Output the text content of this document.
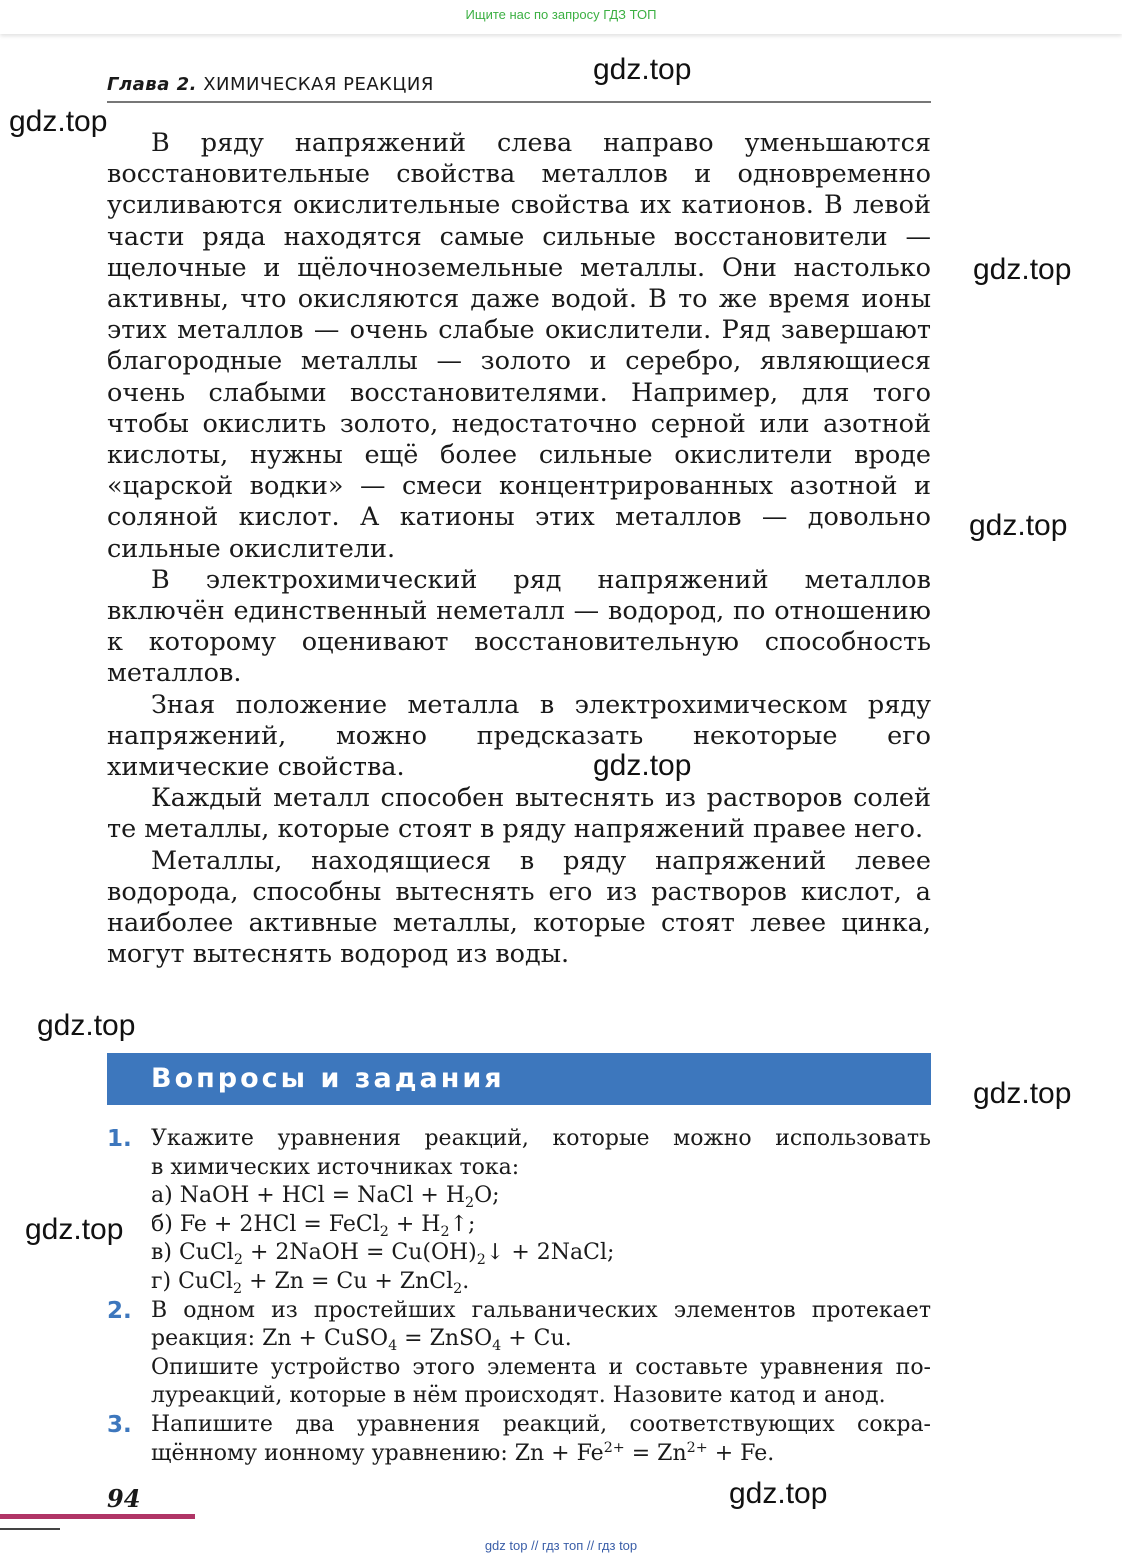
Ищите нас по запросу ГДЗ ТОП
Глава 2. ХИМИЧЕСКАЯ РЕАКЦИЯ

В ряду напряжений слева направо уменьшаются восстановительные свойства металлов и одновременно усиливаются окислительные свойства их катионов. В левой части ряда находятся самые сильные восстановители — щелочные и щёлочноземельные металлы. Они настолько активны, что окисляются даже водой. В то же время ионы этих металлов — очень слабые окислители. Ряд завершают благородные металлы — золото и серебро, являющиеся очень слабыми восстановителями. Например, для того чтобы окислить золото, недостаточно серной или азотной кислоты, нужны ещё более сильные окислители вроде «царской водки» — смеси концентрированных азотной и соляной кислот. А катионы этих металлов — довольно сильные окислители.

В электрохимический ряд напряжений металлов включён единственный неметалл — водород, по отношению к которому оценивают восстановительную способность металлов.

Зная положение металла в электрохимическом ряду напряжений, можно предсказать некоторые его химические свойства.

Каждый металл способен вытеснять из растворов солей те металлы, которые стоят в ряду напряжений правее него.

Металлы, находящиеся в ряду напряжений левее водорода, способны вытеснять его из растворов кислот, а наиболее активные металлы, которые стоят левее цинка, могут вытеснять водород из воды.

Вопросы и задания
1. Укажите уравнения реакций, которые можно использовать
в химических источниках тока:
а) NaOH + HCl = NaCl + $H_2O$;
б) Fe + 2HCl = FeCl$_2$ + $H_2↑$;
в) CuCl$_2$ + 2NaOH = $Cu(OH)_2↓$ + 2NaCl;
г) CuCl$_2$ + Zn = Cu + ZnCl$_2$.
2. В одном из простейших гальванических элементов протекает
реакция: Zn + CuSO$_4$ = ZnSO$_4$ + Cu.
Опишите устройство этого элемента и составьте уравнения по-
луреакций, которые в нём происходят. Назовите катод и анод.
3. Напишите два уравнения реакций, соответствующих сокра-
щённому ионному уравнению: $Zn + Fe^{2+} = Zn^{2+} + Fe$.
94
gdz.top
gdz.top
gdz.top
gdz.top
gdz.top
gdz.top
gdz.top
gdz.top
gdz.top
gdz top // гдз топ // гдз top
